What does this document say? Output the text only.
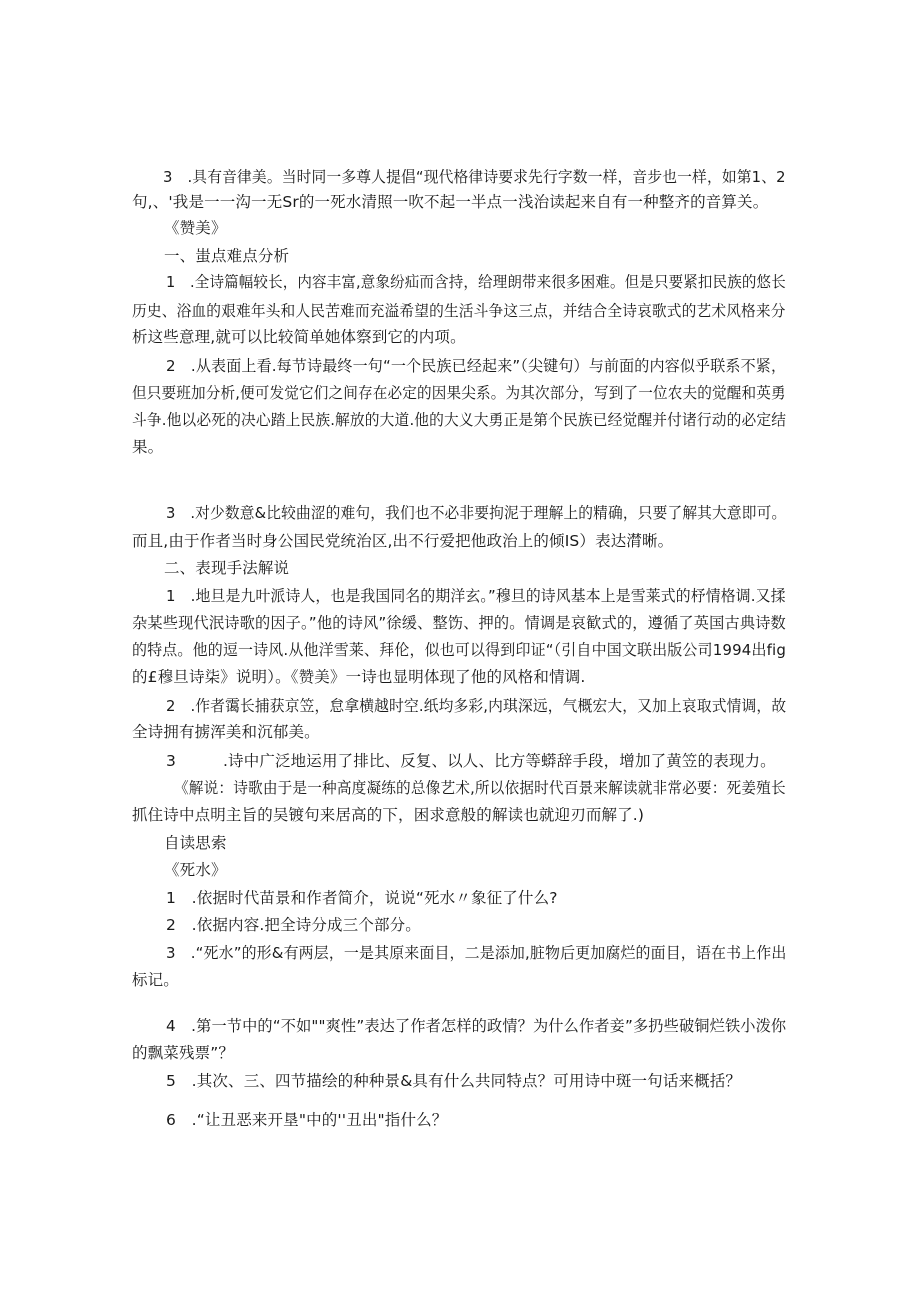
3　.具有音律美。当时同一多尊人提倡“现代格律诗要求先行字数一样，音步也一样，如第1、2
句,、'我是一一沟一无Sr的一死水清照一吹不起一半点一浅治读起来自有一种整齐的音算关。
《赞美》
一、蚩点难点分析
1　.全诗篇幅较长，内容丰富,意象纷疝而含持，给理朗带来很多困难。但是只要紧扣民族的悠长
历史、浴血的艰难年头和人民苦难而充溢希望的生活斗争这三点，并结合全诗哀歌式的艺术风格来分
析这些意理,就可以比较简单她体察到它的内项。
2　.从表面上看.每节诗最终一句“一个民族已经起来”（尖键句）与前面的内容似乎联系不紧，
但只要班加分析,便可发觉它们之间存在必定的因果尖系。为其次部分，写到了一位农夫的觉醒和英勇
斗争.他以必死的决心踏上民族.解放的大道.他的大义大勇正是第个民族已经觉醒并付诸行动的必定结
果。
3　.对少数意&比较曲涩的难句，我们也不必非要拘泥于理解上的精确，只要了解其大意即可。
而且,由于作者当时身公国民党统治区,出不行爱把他政治上的倾IS）表达潸晰。
二、表现手法解说
1　.地旦是九叶派诗人，也是我国同名的期洋玄。”穆旦的诗风基本上是雪莱式的杼情格调.又揉
杂某些现代泯诗歌的因子。”他的诗风”徐缓、整饬、押的。情调是哀歓式的，遵循了英国古典诗数
的特点。他的逗一诗风.从他洋雪莱、拜伦，似也可以得到印证“（引自中国文联出版公司1994出fig
的£穆旦诗柒》说明）。《赞美》一诗也显明体现了他的风格和情调.
2　.作者霭长捕获京笠，怠拿横越时空.纸均多彩,内琪深远，气概宏大，又加上哀取式情调，故
全诗拥有掳浑美和沉郁美。
3　　　.诗中广泛地运用了排比、反复、以人、比方等蟒辞手段，增加了黄笠的表现力。
《解说：诗歌由于是一种高度凝练的总像艺术,所以依据时代百景来解读就非常必要：死姜殖长
抓住诗中点明主旨的吴镀句来居高的下，困求意般的解读也就迎刃而解了.)
自读思索
《死水》
1　.依据时代苗景和作者简介，说说“死水〃象征了什么?
2　.依据内容.把全诗分成三个部分。
3　.“死水”的形&有两层，一是其原来面目，二是添加,脏物后更加腐烂的面目，语在书上作出
标记。
4　.第一节中的“不如""爽性”表达了作者怎样的政情？为什么作者妾”多扔些破铜烂铁小泼你
的飘菜残票”？
5　.其次、三、四节描绘的种种景&具有什么共同特点？可用诗中斑一句话来概括？
6　.“让丑恶来开垦"中的''丑出"指什么？
